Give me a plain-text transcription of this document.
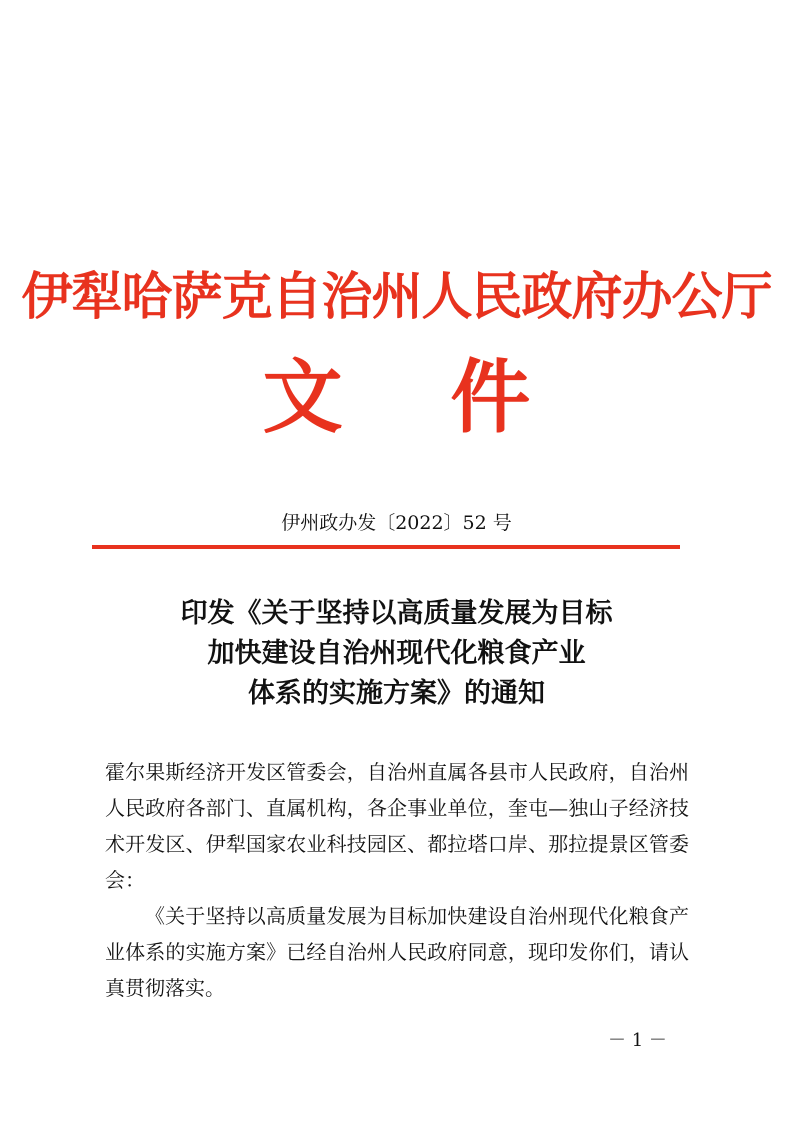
伊犁哈萨克自治州人民政府办公厅
文　 件
伊州政办发〔2022〕52 号
印发《关于坚持以高质量发展为目标
加快建设自治州现代化粮食产业
体系的实施方案》的通知

霍尔果斯经济开发区管委会，自治州直属各县市人民政府，自治州人民政府各部门、直属机构，各企事业单位，奎屯—独山子经济技术开发区、伊犁国家农业科技园区、都拉塔口岸、那拉提景区管委会：

《关于坚持以高质量发展为目标加快建设自治州现代化粮食产业体系的实施方案》已经自治州人民政府同意，现印发你们，请认真贯彻落实。

－ 1 －
